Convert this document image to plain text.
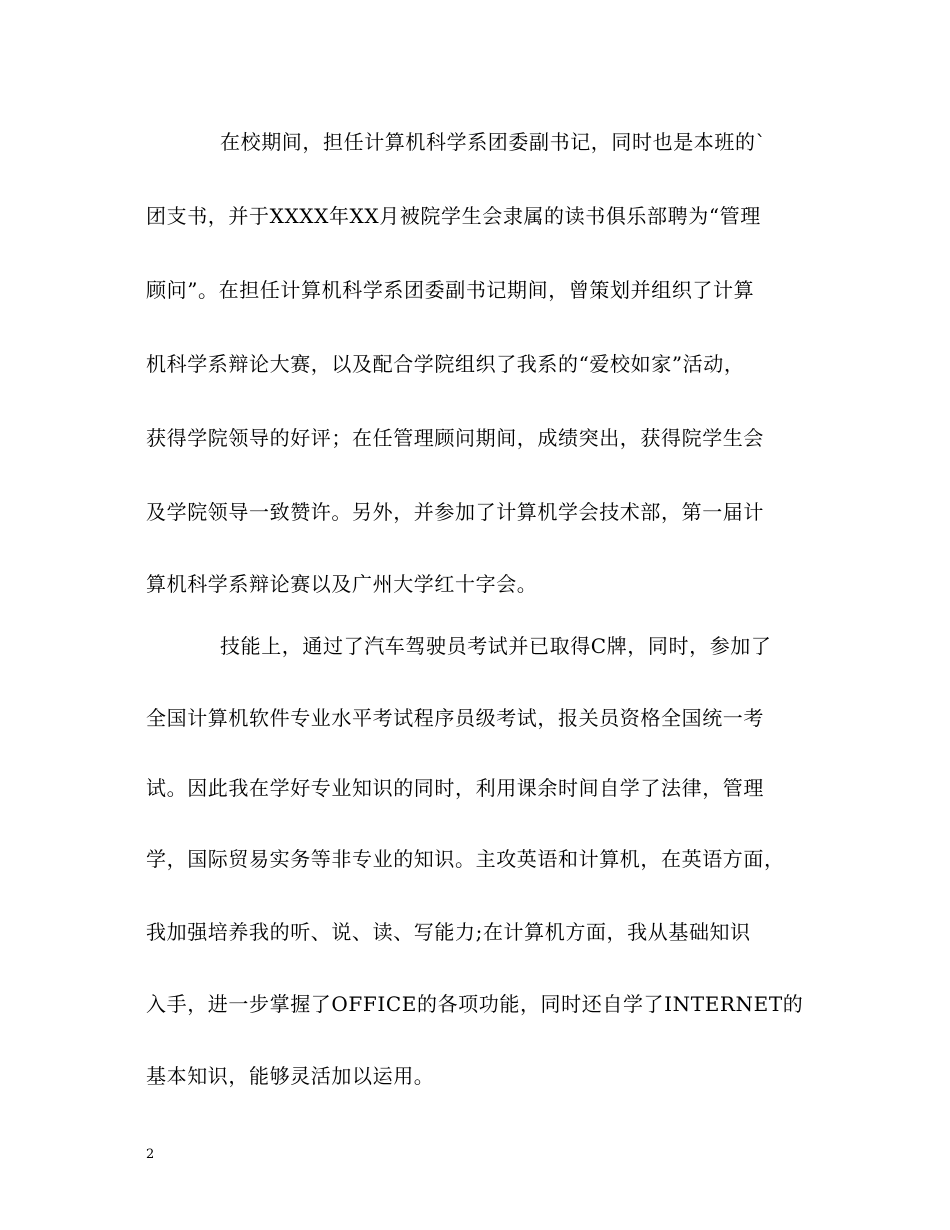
在校期间，担任计算机科学系团委副书记，同时也是本班的`
团支书，并于XXXX年XX月被院学生会隶属的读书俱乐部聘为“管理
顾问”。在担任计算机科学系团委副书记期间，曾策划并组织了计算
机科学系辩论大赛，以及配合学院组织了我系的“爱校如家”活动，
获得学院领导的好评；在任管理顾问期间，成绩突出，获得院学生会
及学院领导一致赞许。另外，并参加了计算机学会技术部，第一届计
算机科学系辩论赛以及广州大学红十字会。
技能上，通过了汽车驾驶员考试并已取得C牌，同时，参加了
全国计算机软件专业水平考试程序员级考试，报关员资格全国统一考
试。因此我在学好专业知识的同时，利用课余时间自学了法律，管理
学，国际贸易实务等非专业的知识。主攻英语和计算机，在英语方面，
我加强培养我的听、说、读、写能力;在计算机方面，我从基础知识
入手，进一步掌握了OFFICE的各项功能，同时还自学了INTERNET的
基本知识，能够灵活加以运用。
2
